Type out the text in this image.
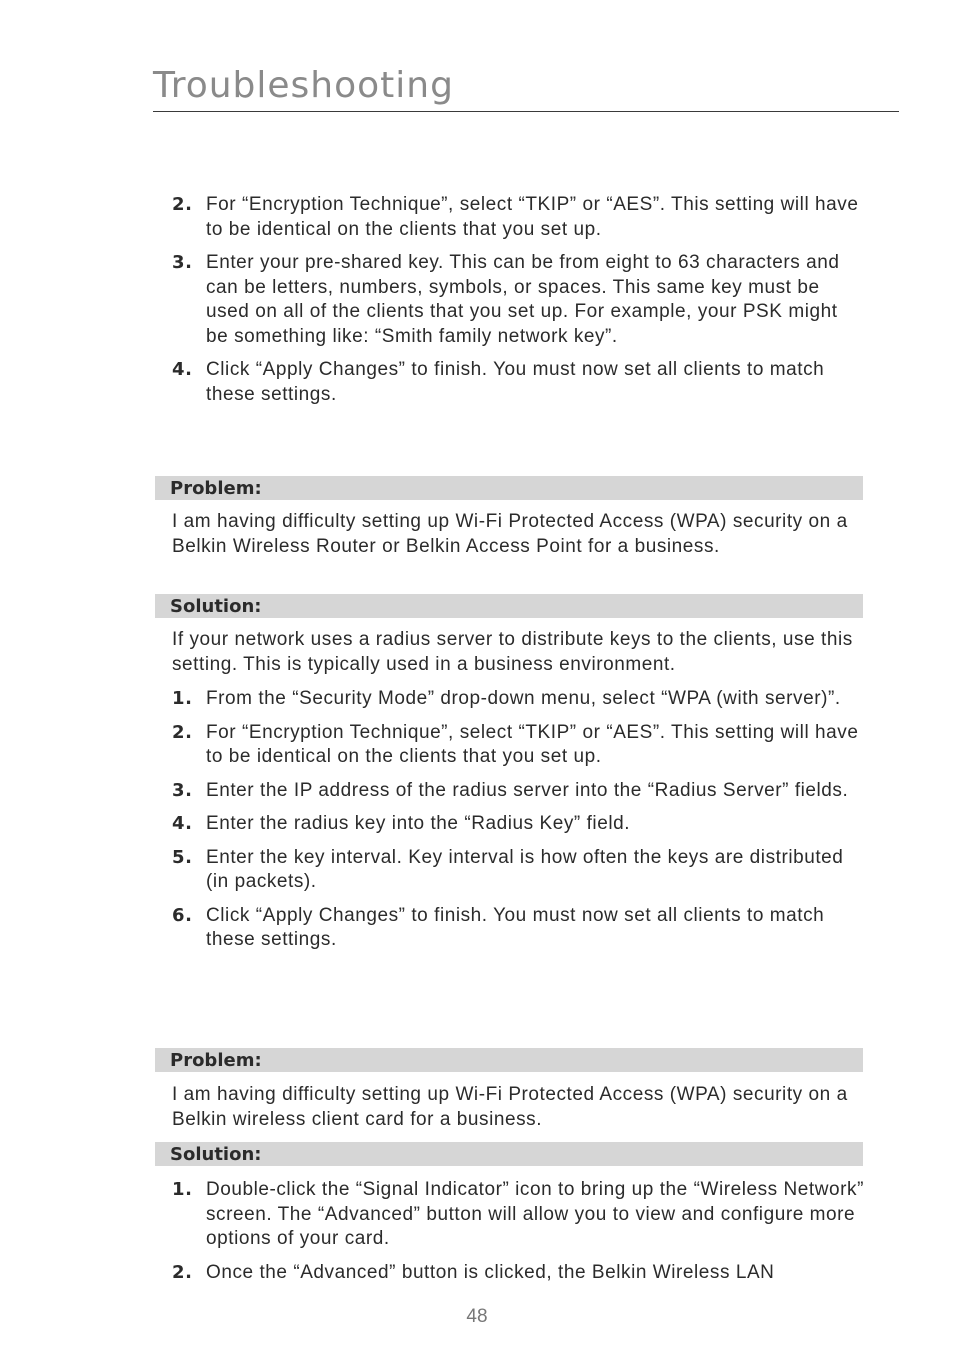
Troubleshooting
2. For “Encryption Technique”, select “TKIP” or “AES”. This setting will have to be identical on the clients that you set up.
3. Enter your pre-shared key. This can be from eight to 63 characters and can be letters, numbers, symbols, or spaces. This same key must be used on all of the clients that you set up. For example, your PSK might be something like: “Smith family network key”.
4. Click “Apply Changes” to finish. You must now set all clients to match these settings.
Problem:
I am having difficulty setting up Wi-Fi Protected Access (WPA) security on a Belkin Wireless Router or Belkin Access Point for a business.
Solution:
If your network uses a radius server to distribute keys to the clients, use this setting. This is typically used in a business environment.
1. From the “Security Mode” drop-down menu, select “WPA (with server)”.
2. For “Encryption Technique”, select “TKIP” or “AES”. This setting will have to be identical on the clients that you set up.
3. Enter the IP address of the radius server into the “Radius Server” fields.
4. Enter the radius key into the “Radius Key” field.
5. Enter the key interval. Key interval is how often the keys are distributed (in packets).
6. Click “Apply Changes” to finish. You must now set all clients to match these settings.
Problem:
I am having difficulty setting up Wi-Fi Protected Access (WPA) security on a Belkin wireless client card for a business.
Solution:
1. Double-click the “Signal Indicator” icon to bring up the “Wireless Network” screen. The “Advanced” button will allow you to view and configure more options of your card.
2. Once the “Advanced” button is clicked, the Belkin Wireless LAN
48
